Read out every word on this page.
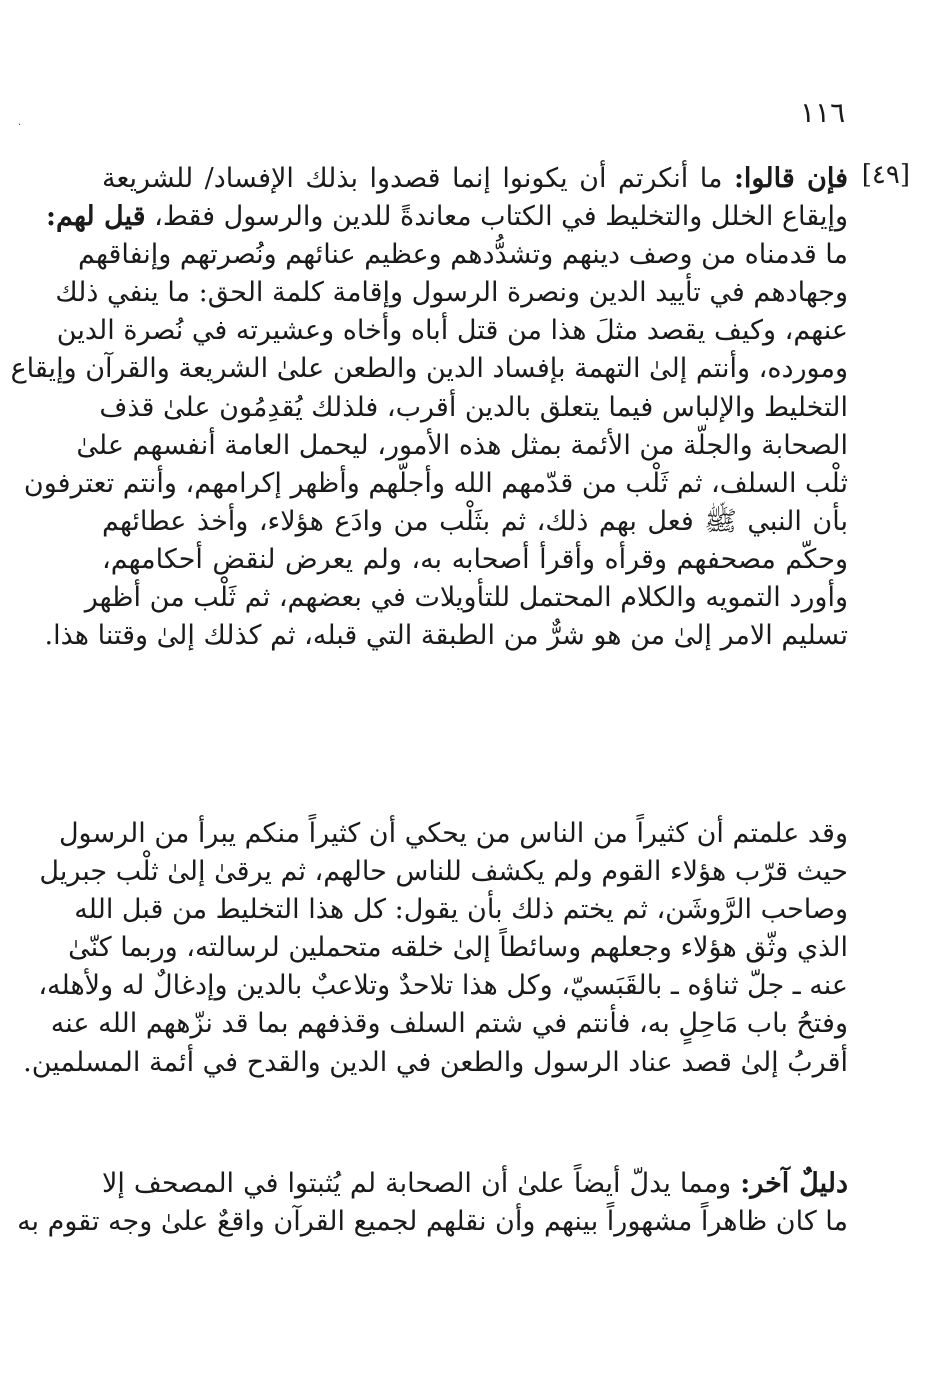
·	١١٦
[٤٩]
فإن قالوا: ما أنكرتم أن يكونوا إنما قصدوا بذلك الإفساد/ للشريعة
وإيقاع الخلل والتخليط في الكتاب معاندةً للدين والرسول فقط، قيل لهم:
ما قدمناه من وصف دينهم وتشدُّدهم وعظيم عنائهم ونُصرتهم وإنفاقهم
وجهادهم في تأييد الدين ونصرة الرسول وإقامة كلمة الحق: ما ينفي ذلك
عنهم، وكيف يقصد مثلَ هذا من قتل أباه وأخاه وعشيرته في نُصرة الدين
ومورده، وأنتم إلىٰ التهمة بإفساد الدين والطعن علىٰ الشريعة والقرآن وإيقاع
التخليط والإلباس فيما يتعلق بالدين أقرب، فلذلك يُقدِمُون علىٰ قذف
الصحابة والجلّة من الأئمة بمثل هذه الأمور، ليحمل العامة أنفسهم علىٰ
ثلْب السلف، ثم ثَلْب من قدّمهم الله وأجلّهم وأظهر إكرامهم، وأنتم تعترفون
بأن النبي ﷺ فعل بهم ذلك، ثم بثَلْب من وادَع هؤلاء، وأخذ عطائهم
وحكّم مصحفهم وقرأه وأقرأ أصحابه به، ولم يعرض لنقض أحكامهم،
وأورد التمويه والكلام المحتمل للتأويلات في بعضهم، ثم ثَلْب من أظهر
تسليم الامر إلىٰ من هو شرٌّ من الطبقة التي قبله، ثم كذلك إلىٰ وقتنا هذا.
وقد علمتم أن كثيراً من الناس من يحكي أن كثيراً منكم يبرأ من الرسول
حيث قرّب هؤلاء القوم ولم يكشف للناس حالهم، ثم يرقىٰ إلىٰ ثلْب جبريل
وصاحب الرَّوشَن، ثم يختم ذلك بأن يقول: كل هذا التخليط من قبل الله
الذي وثّق هؤلاء وجعلهم وسائطاً إلىٰ خلقه متحملين لرسالته، وربما كنّىٰ
عنه ـ جلّ ثناؤه ـ بالقَبَسيّ، وكل هذا تلاحدٌ وتلاعبٌ بالدين وإدغالٌ له ولأهله،
وفتحُ باب مَاحِلٍ به، فأنتم في شتم السلف وقذفهم بما قد نزّههم الله عنه
أقربُ إلىٰ قصد عناد الرسول والطعن في الدين والقدح في أئمة المسلمين.
دليلٌ آخر: ومما يدلّ أيضاً علىٰ أن الصحابة لم يُثبتوا في المصحف إلا
ما كان ظاهراً مشهوراً بينهم وأن نقلهم لجميع القرآن واقعٌ علىٰ وجه تقوم به
